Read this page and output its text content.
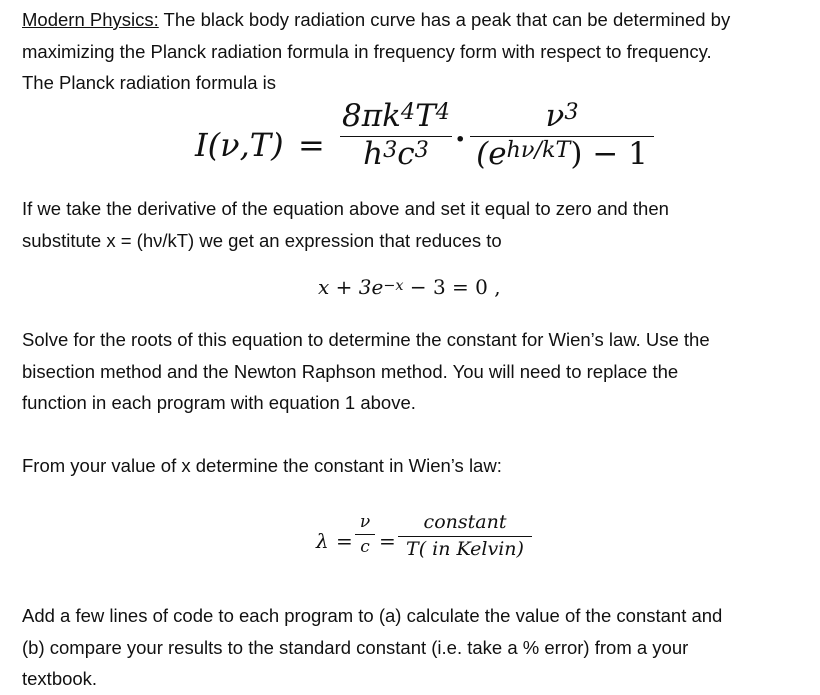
Modern Physics: The black body radiation curve has a peak that can be determined by
maximizing the Planck radiation formula in frequency form with respect to frequency.
The Planck radiation formula is

I(ν,T) =
$8\pi k^4T^4$
$h^3c^3$ ·
$\nu^3$
$(e^{h\nu/kT}) - 1$

If we take the derivative of the equation above and set it equal to zero and then
substitute x = (hν/kT) we get an expression that reduces to

$x + 3e^{-x} - 3 = 0$ ,

Solve for the roots of this equation to determine the constant for Wien’s law. Use the
bisection method and the Newton Raphson method. You will need to replace the
function in each program with equation 1 above.

From your value of x determine the constant in Wien’s law:

λ =
ν
c =
constant
T( in Kelvin)

Add a few lines of code to each program to (a) calculate the value of the constant and
(b) compare your results to the standard constant (i.e. take a % error) from a your
textbook.
